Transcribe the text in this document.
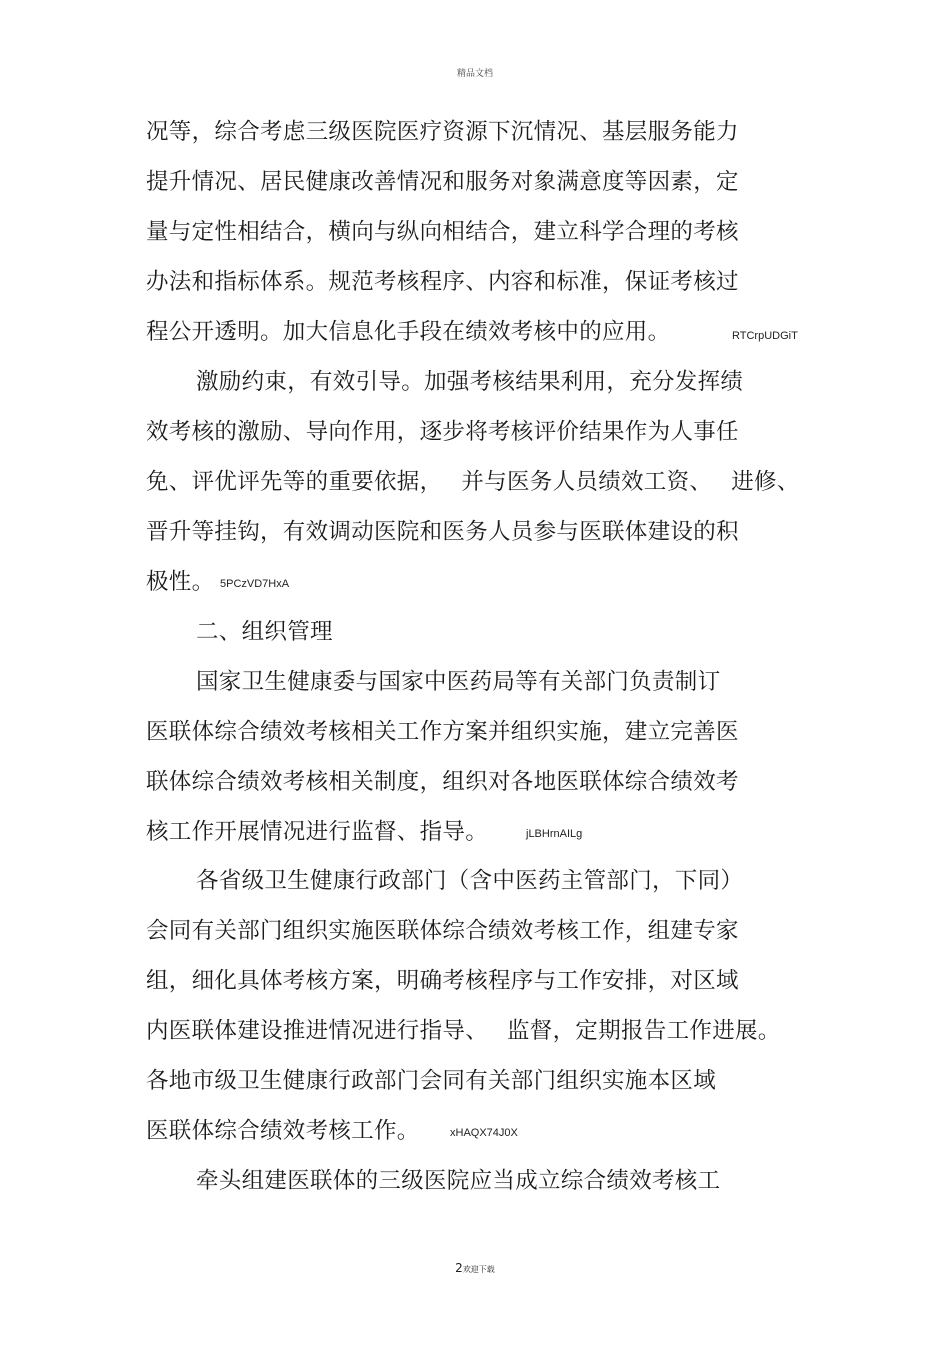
精品文档
况等，综合考虑三级医院医疗资源下沉情况、基层服务能力
提升情况、居民健康改善情况和服务对象满意度等因素，定
量与定性相结合，横向与纵向相结合，建立科学合理的考核
办法和指标体系。规范考核程序、内容和标准，保证考核过
程公开透明。加大信息化手段在绩效考核中的应用。	RTCrpUDGiT
激励约束，有效引导。加强考核结果利用，充分发挥绩
效考核的激励、导向作用，逐步将考核评价结果作为人事任
免、评优评先等的重要依据，　 并与医务人员绩效工资、　 进修、
晋升等挂钩，有效调动医院和医务人员参与医联体建设的积
极性。 5PCzVD7HxA
二、组织管理
国家卫生健康委与国家中医药局等有关部门负责制订
医联体综合绩效考核相关工作方案并组织实施，建立完善医
联体综合绩效考核相关制度，组织对各地医联体综合绩效考
核工作开展情况进行监督、指导。	jLBHrnAILg
各省级卫生健康行政部门（含中医药主管部门，下同）
会同有关部门组织实施医联体综合绩效考核工作，组建专家
组，细化具体考核方案，明确考核程序与工作安排，对区域
内医联体建设推进情况进行指导、　 监督，定期报告工作进展。
各地市级卫生健康行政部门会同有关部门组织实施本区域
医联体综合绩效考核工作。	xHAQX74J0X
牵头组建医联体的三级医院应当成立综合绩效考核工
2欢迎下载
